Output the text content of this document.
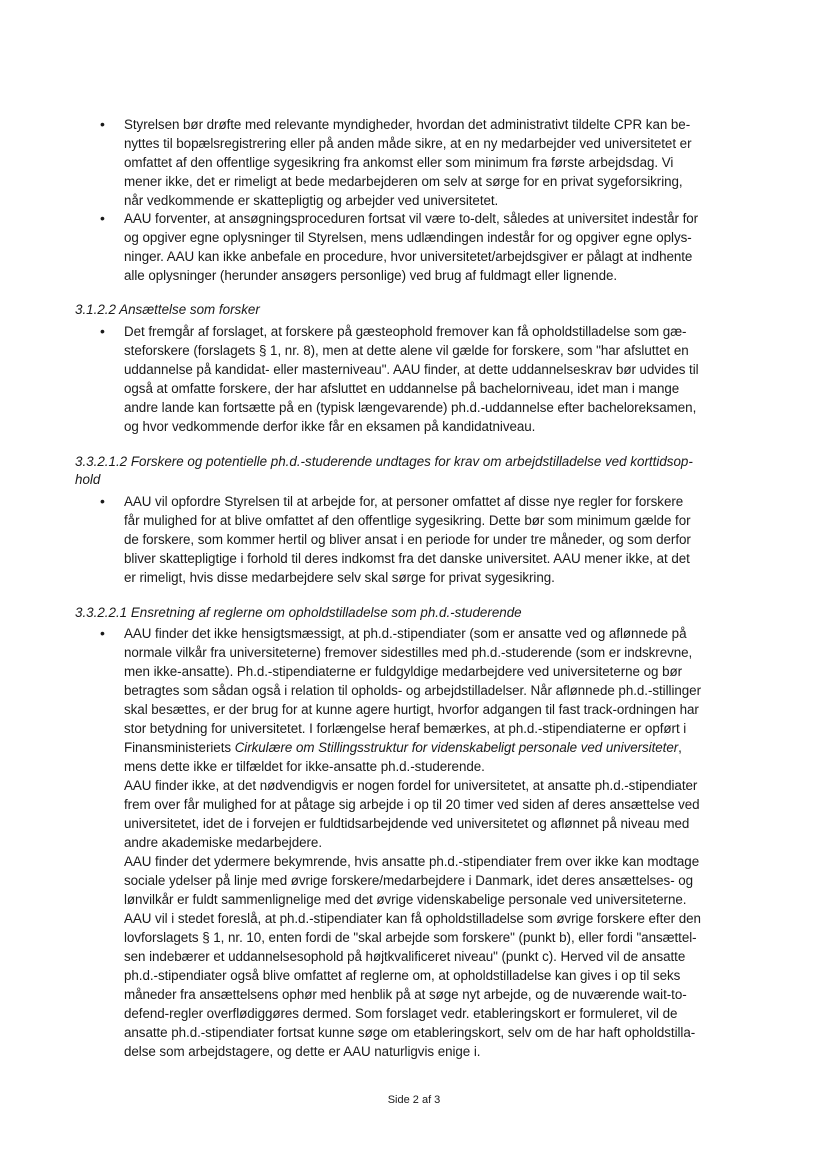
• Styrelsen bør drøfte med relevante myndigheder, hvordan det administrativt tildelte CPR kan be-
nyttes til bopælsregistrering eller på anden måde sikre, at en ny medarbejder ved universitetet er
omfattet af den offentlige sygesikring fra ankomst eller som minimum fra første arbejdsdag. Vi
mener ikke, det er rimeligt at bede medarbejderen om selv at sørge for en privat sygeforsikring,
når vedkommende er skattepligtig og arbejder ved universitetet.
• AAU forventer, at ansøgningsproceduren fortsat vil være to-delt, således at universitet indestår for
og opgiver egne oplysninger til Styrelsen, mens udlændingen indestår for og opgiver egne oplys-
ninger. AAU kan ikke anbefale en procedure, hvor universitetet/arbejdsgiver er pålagt at indhente
alle oplysninger (herunder ansøgers personlige) ved brug af fuldmagt eller lignende.
3.1.2.2 Ansættelse som forsker
• Det fremgår af forslaget, at forskere på gæsteophold fremover kan få opholdstilladelse som gæ-
steforskere (forslagets § 1, nr. 8), men at dette alene vil gælde for forskere, som "har afsluttet en
uddannelse på kandidat- eller masterniveau". AAU finder, at dette uddannelseskrav bør udvides til
også at omfatte forskere, der har afsluttet en uddannelse på bachelorniveau, idet man i mange
andre lande kan fortsætte på en (typisk længevarende) ph.d.-uddannelse efter bacheloreksamen,
og hvor vedkommende derfor ikke får en eksamen på kandidatniveau.
3.3.2.1.2 Forskere og potentielle ph.d.-studerende undtages for krav om arbejdstilladelse ved korttidsop-
hold
• AAU vil opfordre Styrelsen til at arbejde for, at personer omfattet af disse nye regler for forskere
får mulighed for at blive omfattet af den offentlige sygesikring. Dette bør som minimum gælde for
de forskere, som kommer hertil og bliver ansat i en periode for under tre måneder, og som derfor
bliver skattepligtige i forhold til deres indkomst fra det danske universitet. AAU mener ikke, at det
er rimeligt, hvis disse medarbejdere selv skal sørge for privat sygesikring.
3.3.2.2.1 Ensretning af reglerne om opholdstilladelse som ph.d.-studerende
• AAU finder det ikke hensigtsmæssigt, at ph.d.-stipendiater (som er ansatte ved og aflønnede på
normale vilkår fra universiteterne) fremover sidestilles med ph.d.-studerende (som er indskrevne,
men ikke-ansatte). Ph.d.-stipendiaterne er fuldgyldige medarbejdere ved universiteterne og bør
betragtes som sådan også i relation til opholds- og arbejdstilladelser. Når aflønnede ph.d.-stillinger
skal besættes, er der brug for at kunne agere hurtigt, hvorfor adgangen til fast track-ordningen har
stor betydning for universitetet. I forlængelse heraf bemærkes, at ph.d.-stipendiaterne er opført i
Finansministeriets Cirkulære om Stillingsstruktur for videnskabeligt personale ved universiteter,
mens dette ikke er tilfældet for ikke-ansatte ph.d.-studerende.
AAU finder ikke, at det nødvendigvis er nogen fordel for universitetet, at ansatte ph.d.-stipendiater
frem over får mulighed for at påtage sig arbejde i op til 20 timer ved siden af deres ansættelse ved
universitetet, idet de i forvejen er fuldtidsarbejdende ved universitetet og aflønnet på niveau med
andre akademiske medarbejdere.
AAU finder det ydermere bekymrende, hvis ansatte ph.d.-stipendiater frem over ikke kan modtage
sociale ydelser på linje med øvrige forskere/medarbejdere i Danmark, idet deres ansættelses- og
lønvilkår er fuldt sammenlignelige med det øvrige videnskabelige personale ved universiteterne.
AAU vil i stedet foreslå, at ph.d.-stipendiater kan få opholdstilladelse som øvrige forskere efter den
lovforslagets § 1, nr. 10, enten fordi de "skal arbejde som forskere" (punkt b), eller fordi "ansættel-
sen indebærer et uddannelsesophold på højtkvalificeret niveau" (punkt c). Herved vil de ansatte
ph.d.-stipendiater også blive omfattet af reglerne om, at opholdstilladelse kan gives i op til seks
måneder fra ansættelsens ophør med henblik på at søge nyt arbejde, og de nuværende wait-to-
defend-regler overflødiggøres dermed. Som forslaget vedr. etableringskort er formuleret, vil de
ansatte ph.d.-stipendiater fortsat kunne søge om etableringskort, selv om de har haft opholdstilla-
delse som arbejdstagere, og dette er AAU naturligvis enige i.
Side 2 af 3
